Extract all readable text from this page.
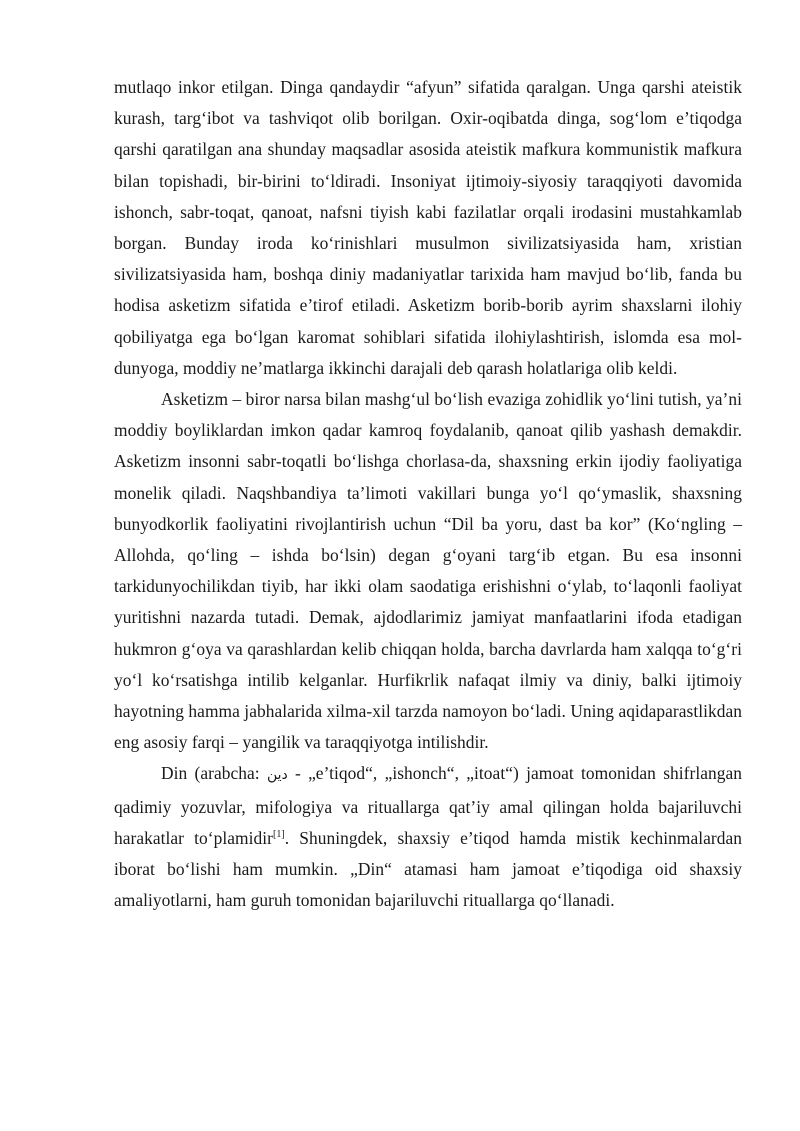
mutlaqo inkor etilgan. Dinga qandaydir “afyun” sifatida qaralgan. Unga qarshi ateistik kurash, targ‘ibot va tashviqot olib borilgan. Oxir-oqibatda dinga, sog‘lom e’tiqodga qarshi qaratilgan ana shunday maqsadlar asosida ateistik mafkura kommunistik mafkura bilan topishadi, bir-birini to‘ldiradi. Insoniyat ijtimoiy-siyosiy taraqqiyoti davomida ishonch, sabr-toqat, qanoat, nafsni tiyish kabi fazilatlar orqali irodasini mustahkamlab borgan. Bunday iroda ko‘rinishlari musulmon sivilizatsiyasida ham, xristian sivilizatsiyasida ham, boshqa diniy madaniyatlar tarixida ham mavjud bo‘lib, fanda bu hodisa asketizm sifatida e’tirof etiladi. Asketizm borib-borib ayrim shaxslarni ilohiy qobiliyatga ega bo‘lgan karomat sohiblari sifatida ilohiylashtirish, islomda esa mol-dunyoga, moddiy ne’matlarga ikkinchi darajali deb qarash holatlariga olib keldi.

Asketizm – biror narsa bilan mashg‘ul bo‘lish evaziga zohidlik yo‘lini tutish, ya’ni moddiy boyliklardan imkon qadar kamroq foydalanib, qanoat qilib yashash demakdir. Asketizm insonni sabr-toqatli bo‘lishga chorlasa-da, shaxsning erkin ijodiy faoliyatiga monelik qiladi. Naqshbandiya ta’limoti vakillari bunga yo‘l qo‘ymaslik, shaxsning bunyodkorlik faoliyatini rivojlantirish uchun “Dil ba yoru, dast ba kor” (Ko‘ngling – Allohda, qo‘ling – ishda bo‘lsin) degan g‘oyani targ‘ib etgan. Bu esa insonni tarkidunyochilikdan tiyib, har ikki olam saodatiga erishishni o‘ylab, to‘laqonli faoliyat yuritishni nazarda tutadi. Demak, ajdodlarimiz jamiyat manfaatlarini ifoda etadigan hukmron g‘oya va qarashlardan kelib chiqqan holda, barcha davrlarda ham xalqqa to‘g‘ri yo‘l ko‘rsatishga intilib kelganlar. Hurfikrlik nafaqat ilmiy va diniy, balki ijtimoiy hayotning hamma jabhalarida xilma-xil tarzda namoyon bo‘ladi. Uning aqidaparastlikdan eng asosiy farqi – yangilik va taraqqiyotga intilishdir.

Din (arabcha: دين - „e’tiqod“, „ishonch“, „itoat“) jamoat tomonidan shifrlangan qadimiy yozuvlar, mifologiya va rituallarga qat’iy amal qilingan holda bajariluvchi harakatlar to‘plamidir[1]. Shuningdek, shaxsiy e’tiqod hamda mistik kechinmalardan iborat bo‘lishi ham mumkin. „Din“ atamasi ham jamoat e’tiqodiga oid shaxsiy amaliyotlarni, ham guruh tomonidan bajariluvchi rituallarga qo‘llanadi.
